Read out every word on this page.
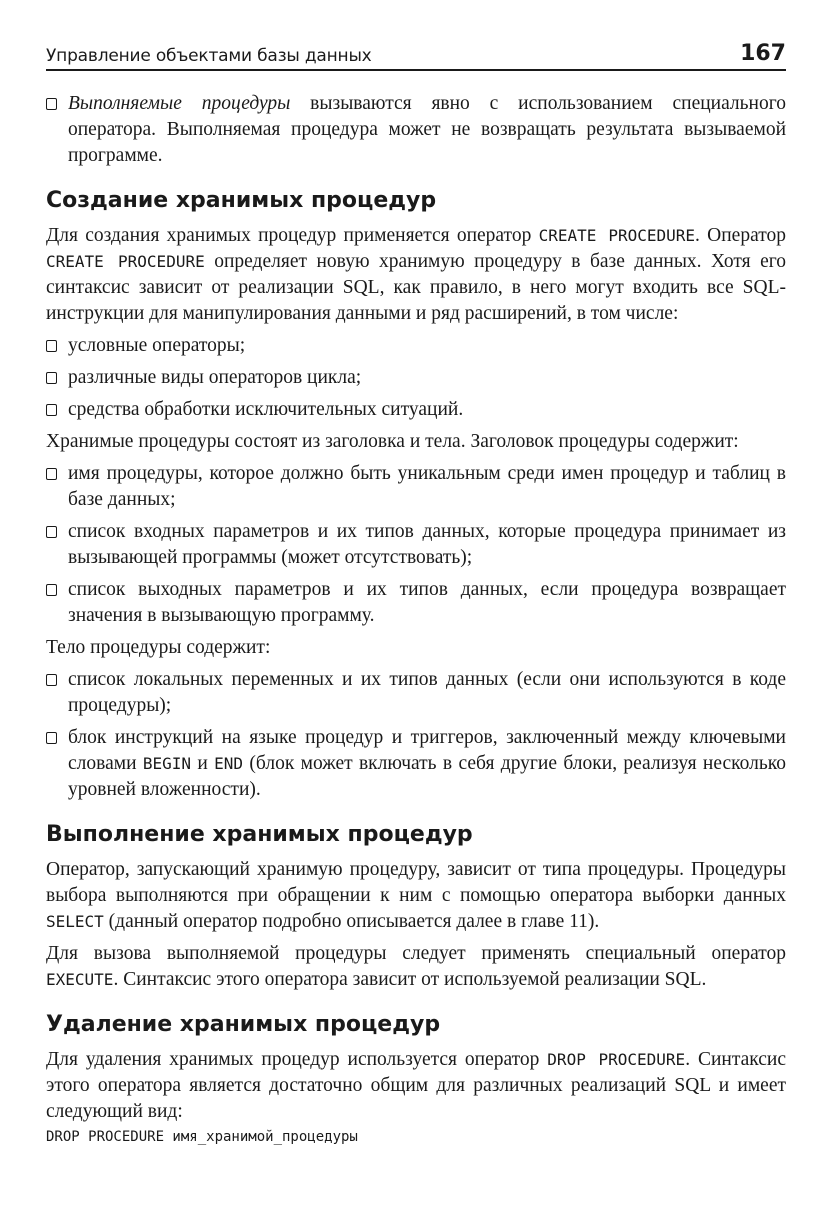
Управление объектами базы данных	167
Выполняемые процедуры вызываются явно с использованием специального оператора. Выполняемая процедура может не возвращать результата вызываемой программе.
Создание хранимых процедур

Для создания хранимых процедур применяется оператор CREATE PROCEDURE. Оператор CREATE PROCEDURE определяет новую хранимую процедуру в базе данных. Хотя его синтаксис зависит от реализации SQL, как правило, в него могут входить все SQL-инструкции для манипулирования данными и ряд расширений, в том числе:

условные операторы;
различные виды операторов цикла;
средства обработки исключительных ситуаций.

Хранимые процедуры состоят из заголовка и тела. Заголовок процедуры содержит:

имя процедуры, которое должно быть уникальным среди имен процедур и таблиц в базе данных;
список входных параметров и их типов данных, которые процедура принимает из вызывающей программы (может отсутствовать);
список выходных параметров и их типов данных, если процедура возвращает значения в вызывающую программу.

Тело процедуры содержит:

список локальных переменных и их типов данных (если они используются в коде процедуры);
блок инструкций на языке процедур и триггеров, заключенный между ключевыми словами BEGIN и END (блок может включать в себя другие блоки, реализуя несколько уровней вложенности).
Выполнение хранимых процедур

Оператор, запускающий хранимую процедуру, зависит от типа процедуры. Процедуры выбора выполняются при обращении к ним с помощью оператора выборки данных SELECT (данный оператор подробно описывается далее в главе 11).

Для вызова выполняемой процедуры следует применять специальный оператор EXECUTE. Синтаксис этого оператора зависит от используемой реализации SQL.

Удаление хранимых процедур

Для удаления хранимых процедур используется оператор DROP PROCEDURE. Синтаксис этого оператора является достаточно общим для различных реализаций SQL и имеет следующий вид:

DROP PROCEDURE имя_хранимой_процедуры
